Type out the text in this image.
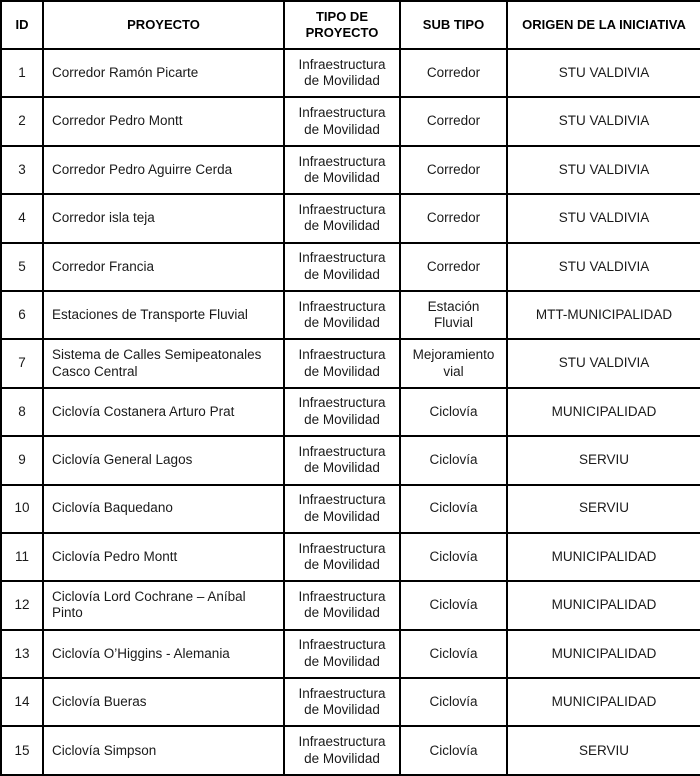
ID	PROYECTO	TIPO DE PROYECTO	SUB TIPO	ORIGEN DE LA INICIATIVA
1	Corredor Ramón Picarte	Infraestructura de Movilidad	Corredor	STU VALDIVIA
2	Corredor Pedro Montt	Infraestructura de Movilidad	Corredor	STU VALDIVIA
3	Corredor Pedro Aguirre Cerda	Infraestructura de Movilidad	Corredor	STU VALDIVIA
4	Corredor isla teja	Infraestructura de Movilidad	Corredor	STU VALDIVIA
5	Corredor Francia	Infraestructura de Movilidad	Corredor	STU VALDIVIA
6	Estaciones de Transporte Fluvial	Infraestructura de Movilidad	Estación Fluvial	MTT-MUNICIPALIDAD
7	Sistema de Calles Semipeatonales Casco Central	Infraestructura de Movilidad	Mejoramiento vial	STU VALDIVIA
8	Ciclovía Costanera Arturo Prat	Infraestructura de Movilidad	Ciclovía	MUNICIPALIDAD
9	Ciclovía General Lagos	Infraestructura de Movilidad	Ciclovía	SERVIU
10	Ciclovía Baquedano	Infraestructura de Movilidad	Ciclovía	SERVIU
11	Ciclovía Pedro Montt	Infraestructura de Movilidad	Ciclovía	MUNICIPALIDAD
12	Ciclovía Lord Cochrane – Aníbal Pinto	Infraestructura de Movilidad	Ciclovía	MUNICIPALIDAD
13	Ciclovía O’Higgins - Alemania	Infraestructura de Movilidad	Ciclovía	MUNICIPALIDAD
14	Ciclovía Bueras	Infraestructura de Movilidad	Ciclovía	MUNICIPALIDAD
15	Ciclovía Simpson	Infraestructura de Movilidad	Ciclovía	SERVIU
